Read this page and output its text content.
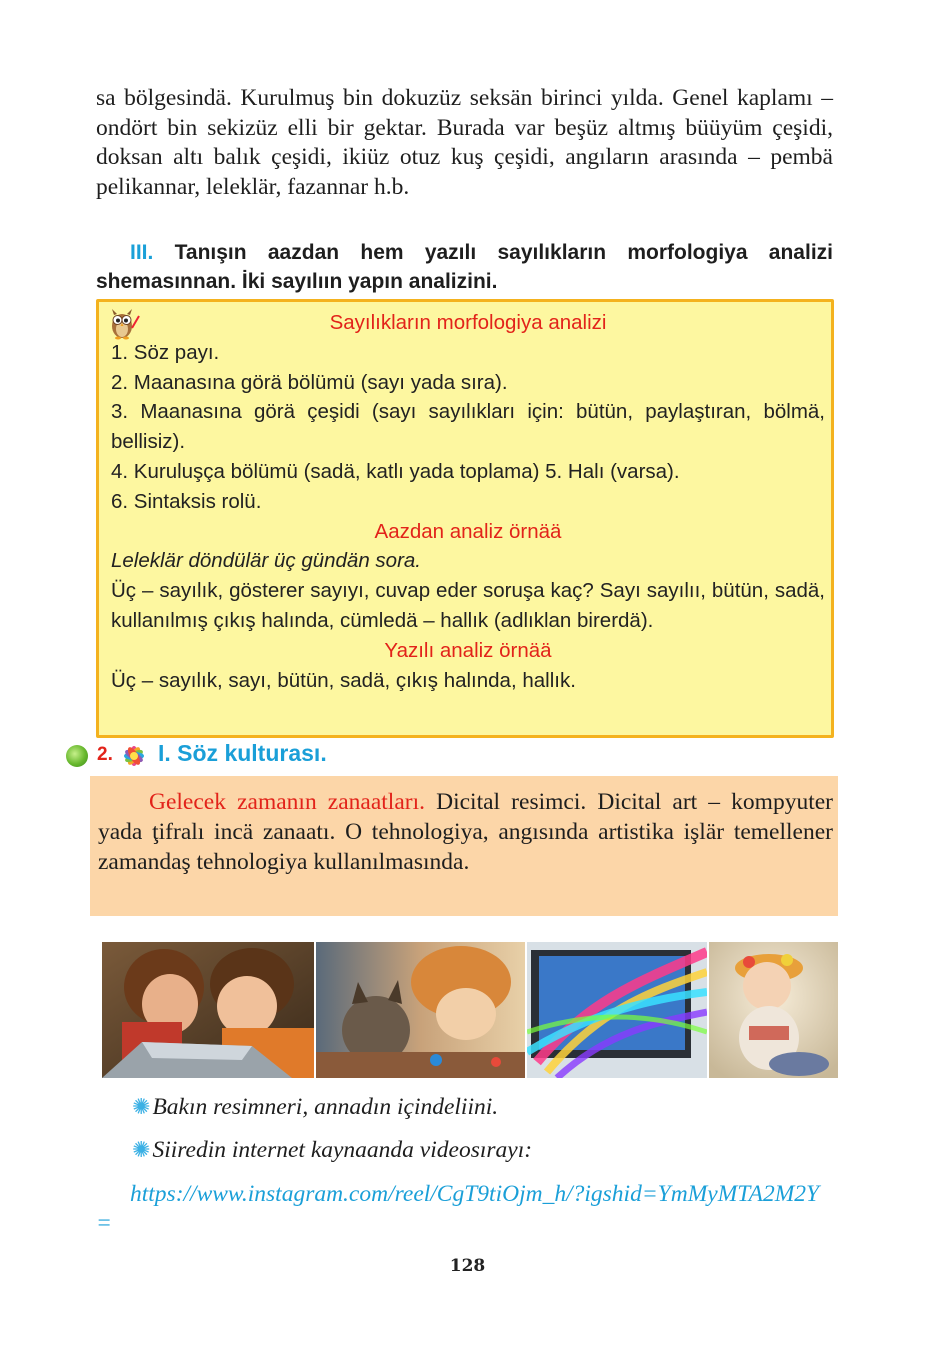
sa bölgesindä. Kurulmuş bin dokuzüz seksän birinci yılda. Genel kaplamı – ondört bin sekizüz elli bir gektar. Burada var beşüz altmış büüyüm çeşidi, doksan altı balık çeşidi, ikiüz otuz kuş çeşidi, angıların arasında – pembä pelikannar, leleklär, fazannar h.b.
III. Tanışın aazdan hem yazılı sayılıkların morfologiya analizi shemasınnan. İki sayılıın yapın analizini.
Sayılıkların morfologiya analizi
1. Söz payı.
2. Maanasına görä bölümü (sayı yada sıra).
3. Maanasına görä çeşidi (sayı sayılıkları için: bütün, paylaştıran, bölmä, bellisiz).
4. Kuruluşça bölümü (sadä, katlı yada toplama) 5. Halı (varsa).
6. Sintaksis rolü.
Aazdan analiz örnää
Leleklär döndülär üç gündän sora.
Üç – sayılık, gösterer sayıyı, cuvap eder soruşa kaç? Sayı sayılıı, bütün, sadä, kullanılmış çıkış halında, cümledä – hallık (adlıklan birerdä).
Yazılı analiz örnää
Üç – sayılık, sayı, bütün, sadä, çıkış halında, hallık.
2. I. Söz kulturası.
Gelecek zamanın zanaatları. Dicital resimci. Dicital art – kompyuter yada ţifralı incä zanaatı. O tehnologiya, angısında artistika işlär temellener zamandaş tehnologiya kullanılmasında.
✺Bakın resimneri, annadın içindeliini.
✺Siiredin internet kaynaanda videosırayı:
https://www.instagram.com/reel/CgT9tiOjm_h/?igshid=YmMyMTA2M2Y=
128
